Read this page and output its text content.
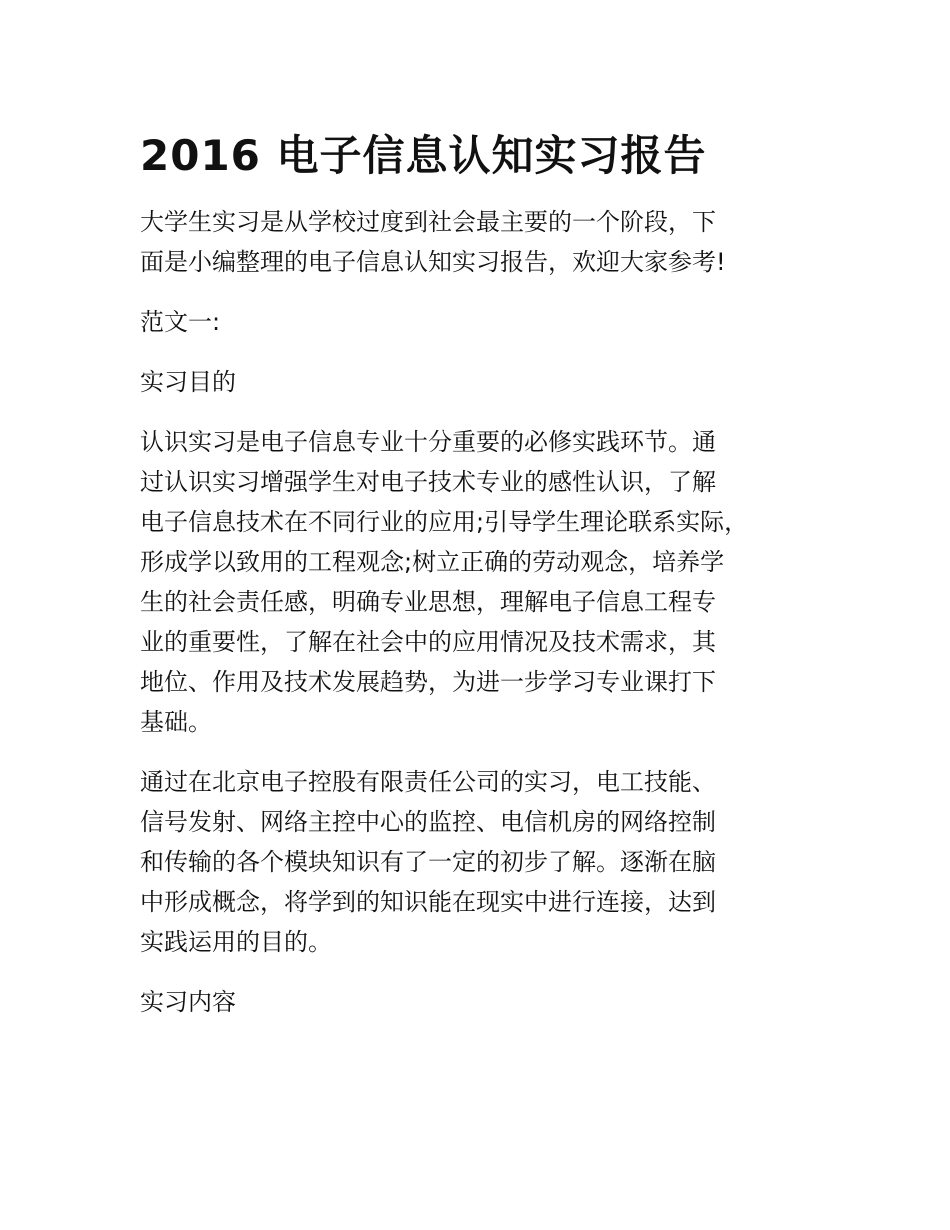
2016 电子信息认知实习报告

大学生实习是从学校过度到社会最主要的一个阶段，下
面是小编整理的电子信息认知实习报告，欢迎大家参考!

范文一:

实习目的

认识实习是电子信息专业十分重要的必修实践环节。通
过认识实习增强学生对电子技术专业的感性认识，了解
电子信息技术在不同行业的应用;引导学生理论联系实际，
形成学以致用的工程观念;树立正确的劳动观念，培养学
生的社会责任感，明确专业思想，理解电子信息工程专
业的重要性，了解在社会中的应用情况及技术需求，其
地位、作用及技术发展趋势，为进一步学习专业课打下
基础。

通过在北京电子控股有限责任公司的实习，电工技能、
信号发射、网络主控中心的监控、电信机房的网络控制
和传输的各个模块知识有了一定的初步了解。逐渐在脑
中形成概念，将学到的知识能在现实中进行连接，达到
实践运用的目的。

实习内容
